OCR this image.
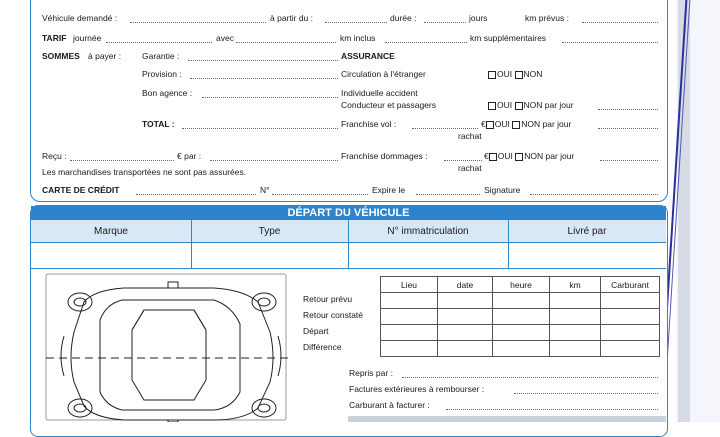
Véhicule demandé :	à partir du :	durée :	jours	km prévus :
TARIF journée	avec	km inclus	km supplémentaires
SOMMES à payer : Garantie :	ASSURANCE
Provision :	Circulation à l'étranger	OUI NON
Bon agence :	Individuelle accident
Conducteur et passagers	OUI NON par jour
TOTAL :	Franchise vol :	€ OUI NON par jour
rachat
Reçu :	€ par :	Franchise dommages :	€ OUI NON par jour
rachat
Les marchandises transportées ne sont pas assurées.
CARTE DE CRÉDIT	N°	Expire le	Signature
DÉPART DU VÉHICULE
Marque	Type	N° immatriculation	Livré par
Retour prévu
Retour constaté
Départ
Différence
Lieu	date	heure	km	Carburant

Repris par :
Factures extérieures à rembourser :
Carburant à facturer :
